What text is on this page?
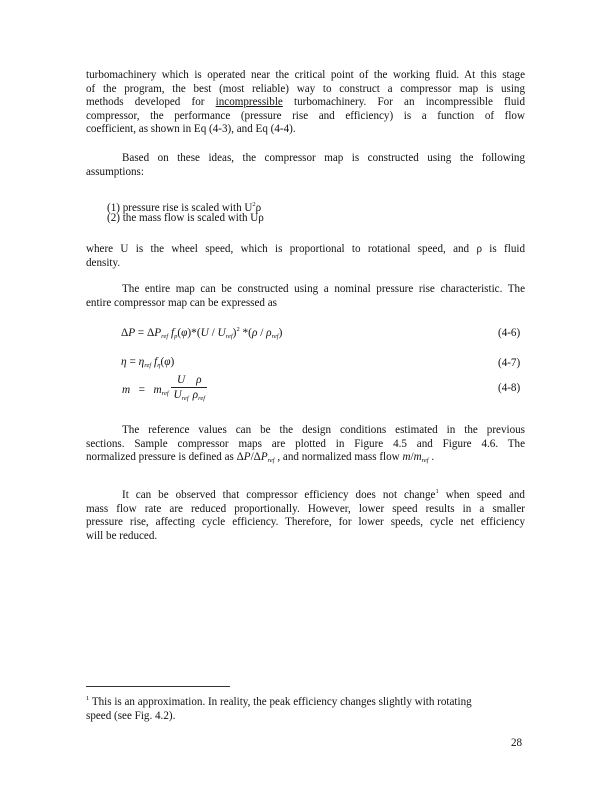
turbomachinery which is operated near the critical point of the working fluid. At this stage
of the program, the best (most reliable) way to construct a compressor map is using
methods developed for incompressible turbomachinery. For an incompressible fluid
compressor, the performance (pressure rise and efficiency) is a function of flow
coefficient, as shown in Eq (4-3), and Eq (4-4).
Based on these ideas, the compressor map is constructed using the following
assumptions:
(1) pressure rise is scaled with $U^2\rho$
(2) the mass flow is scaled with Uρ
where U is the wheel speed, which is proportional to rotational speed, and ρ is fluid
density.
The entire map can be constructed using a nominal pressure rise characteristic. The
entire compressor map can be expressed as
$\Delta P = \Delta P_{ref}$ $f_p(\varphi)*(U / U_{ref})^2$ $*(\rho / \rho_{ref})$	(4-6)
$\eta = \eta_{ref}$ $f_\eta(\varphi)$	(4-7)
$m = m_{ref} \frac{U}{U_{ref}} \frac{\rho}{\rho_{ref}}$	(4-8)
The reference values can be the design conditions estimated in the previous
sections. Sample compressor maps are plotted in Figure 4.5 and Figure 4.6. The
normalized pressure is defined as $\Delta P/\Delta P_{ref}$ , and normalized mass flow $m/m_{ref}$ .
It can be observed that compressor efficiency does not change$^1$ when speed and
mass flow rate are reduced proportionally. However, lower speed results in a smaller
pressure rise, affecting cycle efficiency. Therefore, for lower speeds, cycle net efficiency
will be reduced.
$^1$ This is an approximation. In reality, the peak efficiency changes slightly with rotating
speed (see Fig. 4.2).
28
